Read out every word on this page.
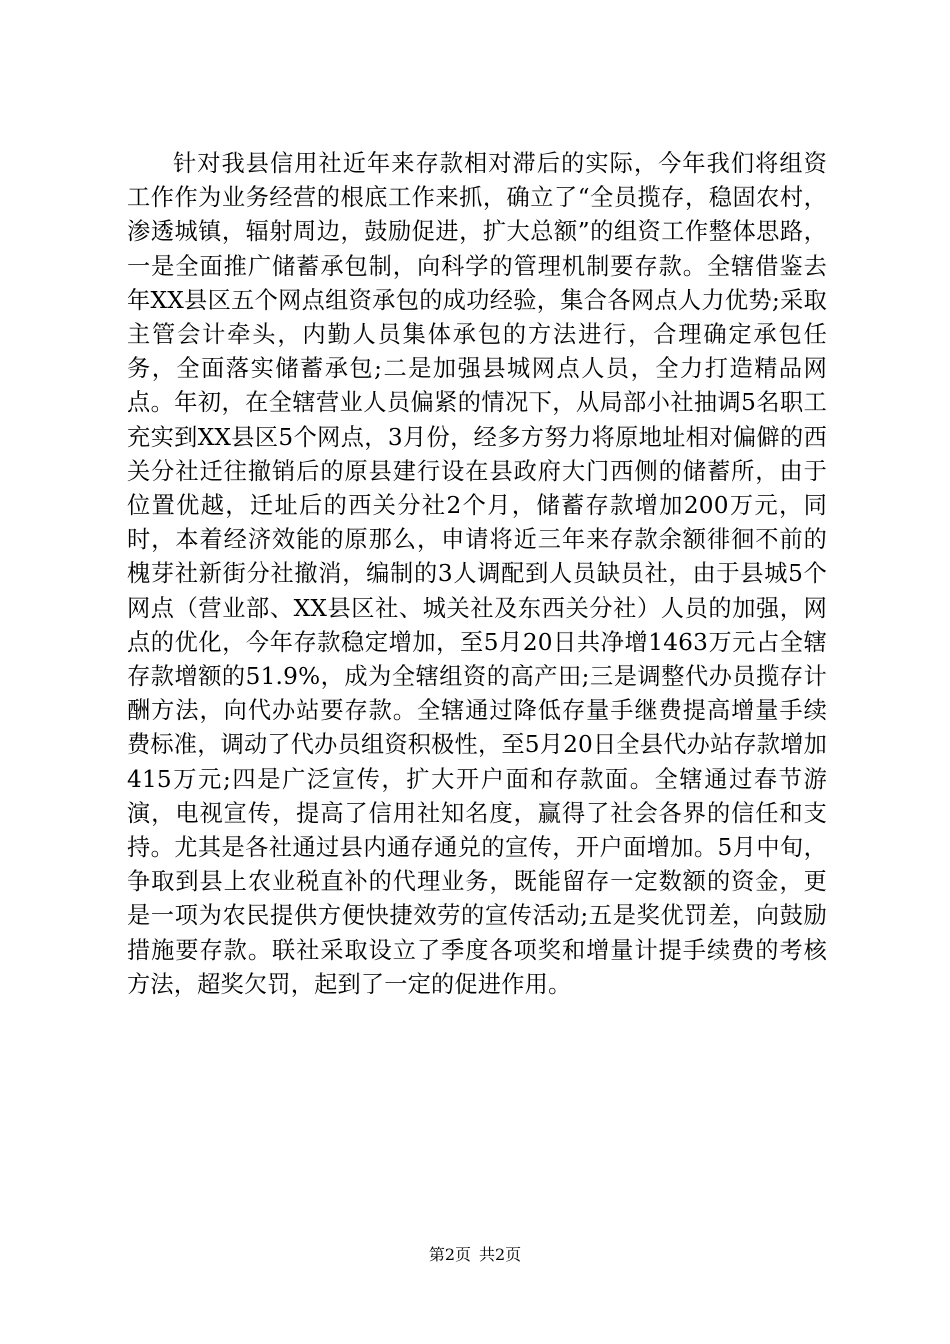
针对我县信用社近年来存款相对滞后的实际，今年我们将组资工作作为业务经营的根底工作来抓，确立了“全员揽存，稳固农村，渗透城镇，辐射周边，鼓励促进，扩大总额”的组资工作整体思路，一是全面推广储蓄承包制，向科学的管理机制要存款。全辖借鉴去年XX县区五个网点组资承包的成功经验，集合各网点人力优势;采取主管会计牵头，内勤人员集体承包的方法进行，合理确定承包任务，全面落实储蓄承包;二是加强县城网点人员，全力打造精品网点。年初，在全辖营业人员偏紧的情况下，从局部小社抽调5名职工充实到XX县区5个网点，3月份，经多方努力将原地址相对偏僻的西关分社迁往撤销后的原县建行设在县政府大门西侧的储蓄所，由于位置优越，迁址后的西关分社2个月，储蓄存款增加200万元，同时，本着经济效能的原那么，申请将近三年来存款余额徘徊不前的槐芽社新街分社撤消，编制的3人调配到人员缺员社，由于县城5个网点（营业部、XX县区社、城关社及东西关分社）人员的加强，网点的优化，今年存款稳定增加，至5月20日共净增1463万元占全辖存款增额的51.9%，成为全辖组资的高产田;三是调整代办员揽存计酬方法，向代办站要存款。全辖通过降低存量手继费提高增量手续费标准，调动了代办员组资积极性，至5月20日全县代办站存款增加415万元;四是广泛宣传，扩大开户面和存款面。全辖通过春节游演，电视宣传，提高了信用社知名度，赢得了社会各界的信任和支持。尤其是各社通过县内通存通兑的宣传，开户面增加。5月中旬，争取到县上农业税直补的代理业务，既能留存一定数额的资金，更是一项为农民提供方便快捷效劳的宣传活动;五是奖优罚差，向鼓励措施要存款。联社采取设立了季度各项奖和增量计提手续费的考核方法，超奖欠罚，起到了一定的促进作用。

第2页 共2页
